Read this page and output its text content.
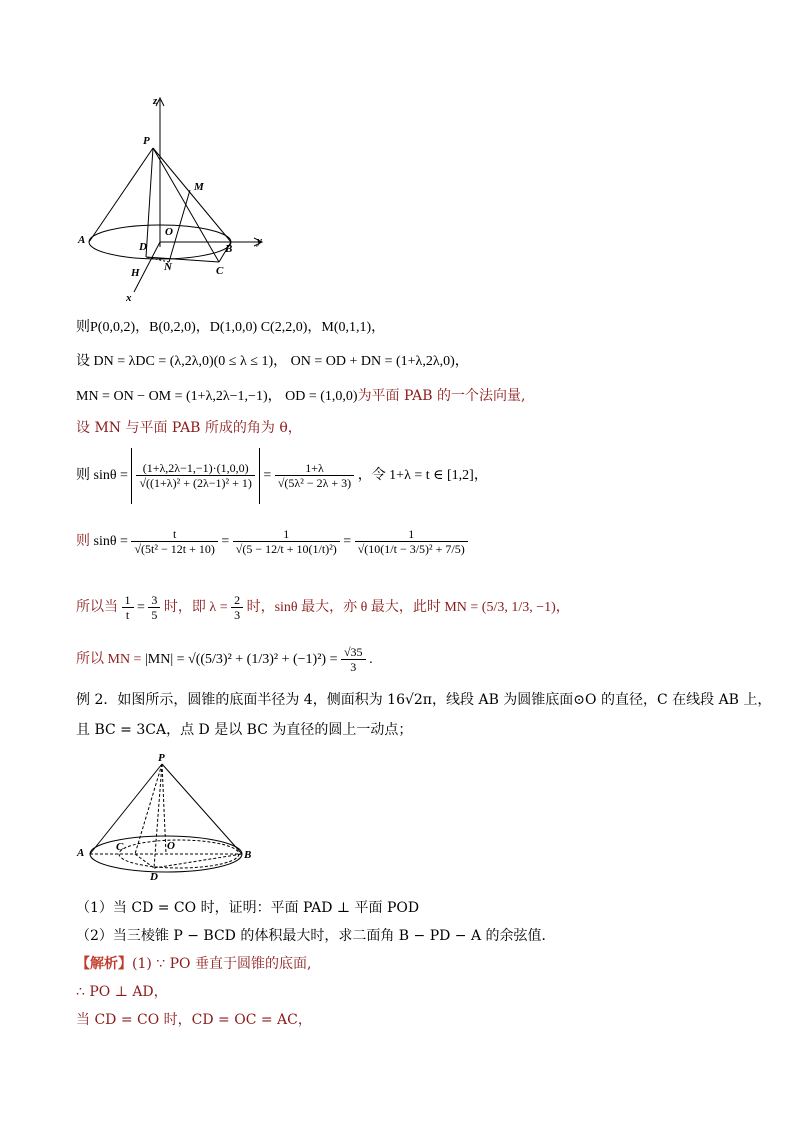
z
P
M
O
A
D	B
y
H N	C
x
则P(0,0,2)，B(0,2,0)，D(1,0,0) C(2,2,0)，M(0,1,1)，
设 DN = λDC = (λ,2λ,0)(0 ≤ λ ≤ 1)， ON = OD + DN = (1+λ,2λ,0)，
MN = ON − OM = (1+λ,2λ−1,−1)， OD = (1,0,0)为平面 PAB 的一个法向量,
设 MN 与平面 PAB 所成的角为 θ，
则 $\sin\theta = \frac{(1+\lambda,2\lambda-1,-1)\cdot(1,0,0)}{\text{√((1+λ)² + (2λ−1)² + 1)}} = \frac{1+\lambda}{\text{√(5λ² − 2λ + 3)}}$ ，令 1+λ = t ∈ [1,2]，
则 $\sin\theta = \frac{t}{\text{√(5t² − 12t + 10)}} = \frac{1}{\text{√(5 − 12/t + 10(1/t)²)}} = \frac{1}{\text{√(10(1/t − 3/5)² + 7/5)}}$
所以当 $\frac{1}{t} = \frac{3}{5}$ 时，即 $\lambda = \frac{2}{3}$ 时，sinθ 最大，亦 θ 最大，此时 MN = (5/3, 1/3, −1)，
所以 MN = $|MN| = √((5/3)^2 + (1/3)^2 + (-1)^2) = \frac{√35}{3}$ .
例 2．如图所示，圆锥的底面半径为 4，侧面积为 16√2π，线段 AB 为圆锥底面⊙O 的直径，C 在线段 AB 上，
且 BC = 3CA，点 D 是以 BC 为直径的圆上一动点；
P
A	C	O
B
D
（1）当 CD = CO 时，证明：平面 PAD ⊥ 平面 POD
（2）当三棱锥 P − BCD 的体积最大时，求二面角 B − PD − A 的余弦值．
【解析】(1) ∵ PO 垂直于圆锥的底面,
∴ PO ⊥ AD，
当 CD = CO 时，CD = OC = AC，
